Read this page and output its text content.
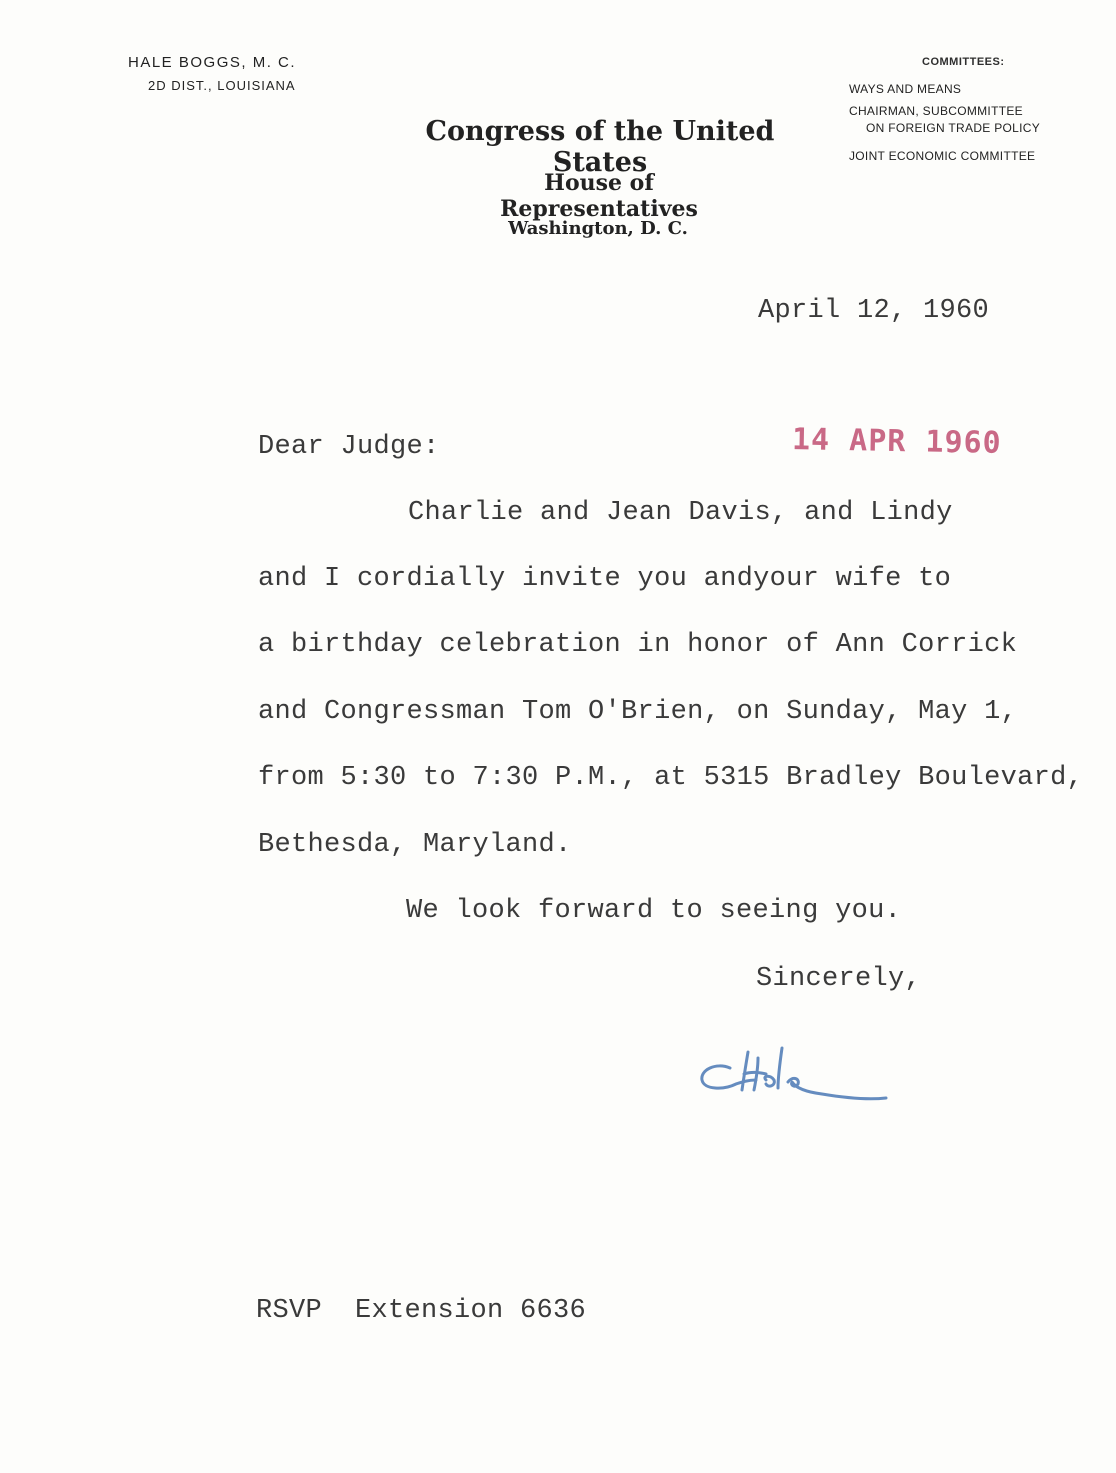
HALE BOGGS, M. C.
2D DIST., LOUISIANA
COMMITTEES:
WAYS AND MEANS
CHAIRMAN, SUBCOMMITTEE
ON FOREIGN TRADE POLICY
JOINT ECONOMIC COMMITTEE
Congress of the United States
House of Representatives
Washington, D. C.
April 12, 1960
14 APR 1960
Dear Judge:
Charlie and Jean Davis, and Lindy
and I cordially invite you andyour wife to
a birthday celebration in honor of Ann Corrick
and Congressman Tom O'Brien, on Sunday, May 1,
from 5:30 to 7:30 P.M., at 5315 Bradley Boulevard,
Bethesda, Maryland.
We look forward to seeing you.
Sincerely,
RSVP  Extension 6636
